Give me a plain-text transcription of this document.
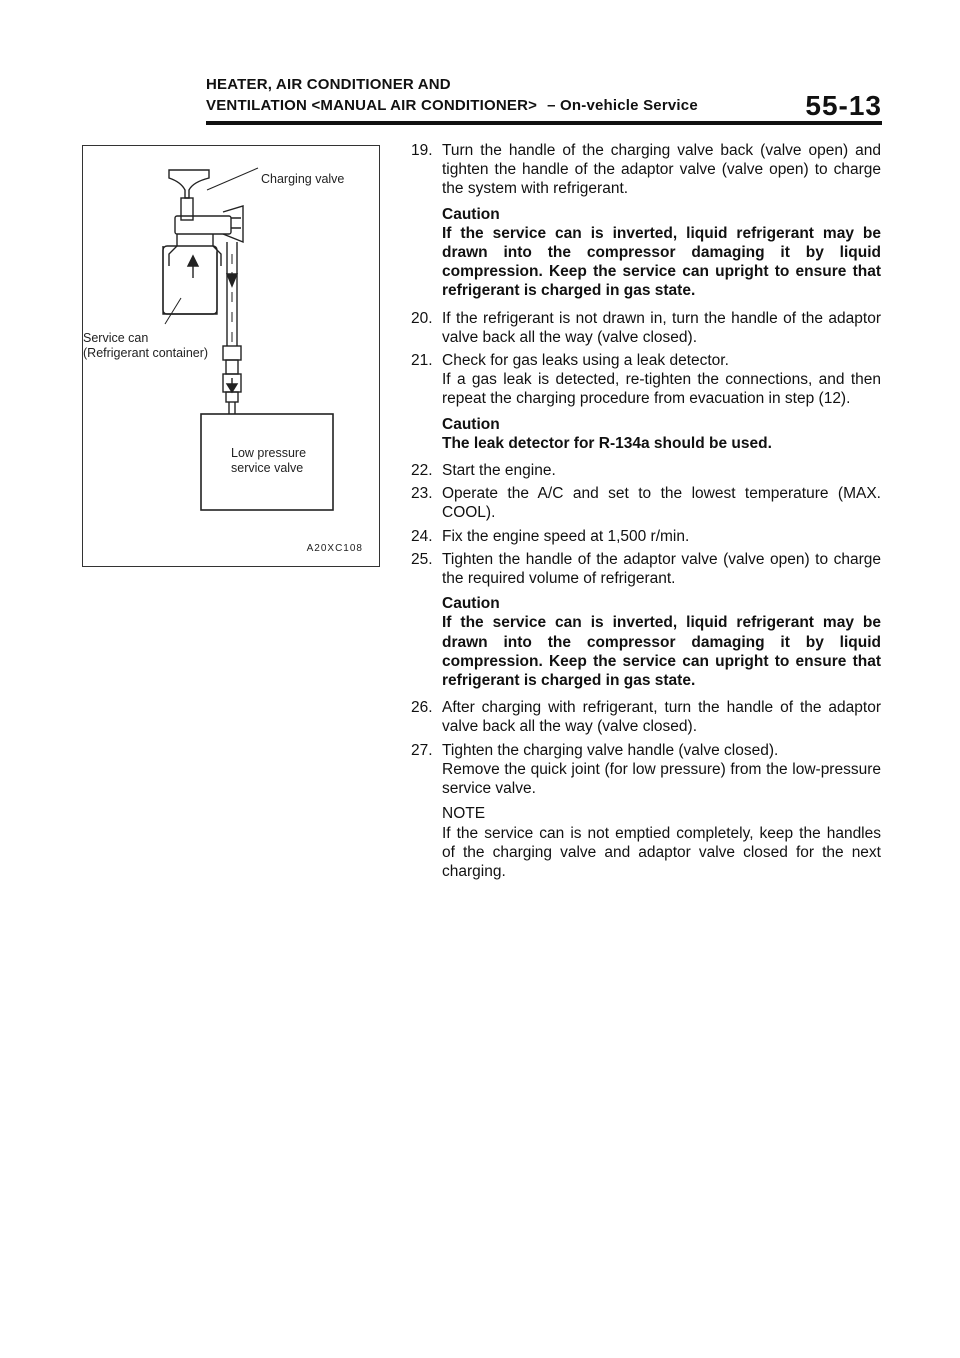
HEATER, AIR CONDITIONER AND
VENTILATION <MANUAL AIR CONDITIONER> – On-vehicle Service	55-13
Charging valve
Service can
(Refrigerant container)
Low pressure
service valve
A20XC108
19. Turn the handle of the charging valve back (valve open) and tighten the handle of the adaptor valve (valve open) to charge the system with refrigerant.
Caution
If the service can is inverted, liquid refrigerant may be drawn into the compressor damaging it by liquid compression. Keep the service can upright to ensure that refrigerant is charged in gas state.
20. If the refrigerant is not drawn in, turn the handle of the adaptor valve back all the way (valve closed).
21. Check for gas leaks using a leak detector.
If a gas leak is detected, re-tighten the connections, and then repeat the charging procedure from evacuation in step (12).
Caution
The leak detector for R-134a should be used.
22. Start the engine.
23. Operate the A/C and set to the lowest temperature (MAX. COOL).
24. Fix the engine speed at 1,500 r/min.
25. Tighten the handle of the adaptor valve (valve open) to charge the required volume of refrigerant.
Caution
If the service can is inverted, liquid refrigerant may be drawn into the compressor damaging it by liquid compression. Keep the service can upright to ensure that refrigerant is charged in gas state.
26. After charging with refrigerant, turn the handle of the adaptor valve back all the way (valve closed).
27. Tighten the charging valve handle (valve closed).
Remove the quick joint (for low pressure) from the low-pressure service valve.
NOTE
If the service can is not emptied completely, keep the handles of the charging valve and adaptor valve closed for the next charging.
